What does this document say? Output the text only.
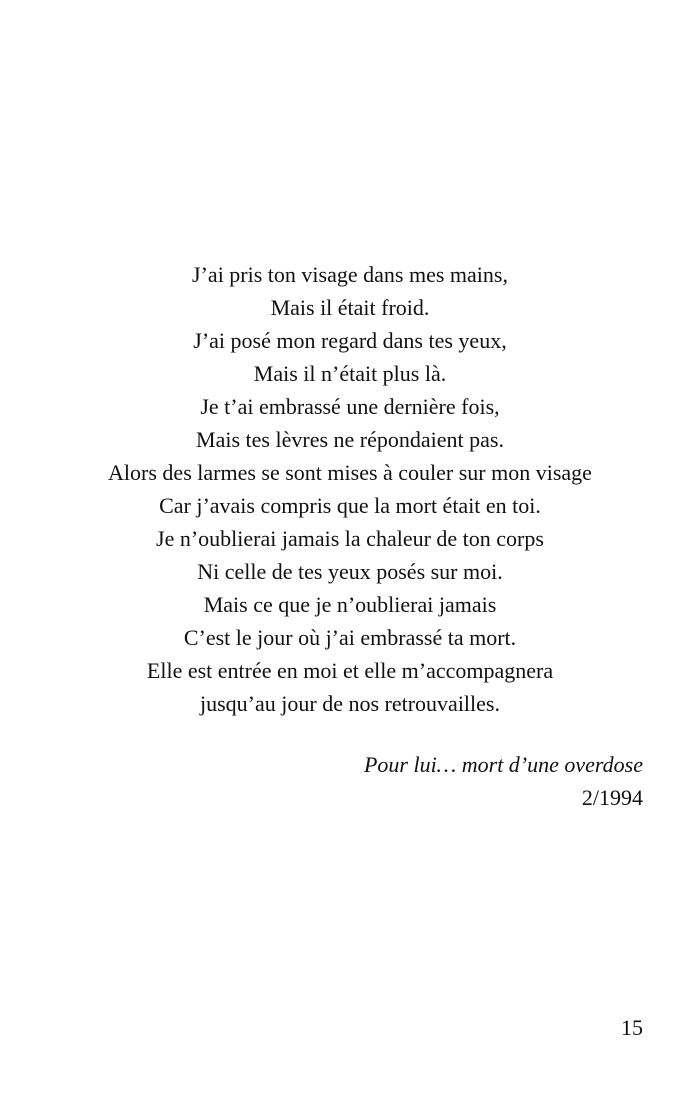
J’ai pris ton visage dans mes mains,
Mais il était froid.
J’ai posé mon regard dans tes yeux,
Mais il n’était plus là.
Je t’ai embrassé une dernière fois,
Mais tes lèvres ne répondaient pas.
Alors des larmes se sont mises à couler sur mon visage
Car j’avais compris que la mort était en toi.
Je n’oublierai jamais la chaleur de ton corps
Ni celle de tes yeux posés sur moi.
Mais ce que je n’oublierai jamais
C’est le jour où j’ai embrassé ta mort.
Elle est entrée en moi et elle m’accompagnera
jusqu’au jour de nos retrouvailles.
Pour lui… mort d’une overdose
2/1994
15
